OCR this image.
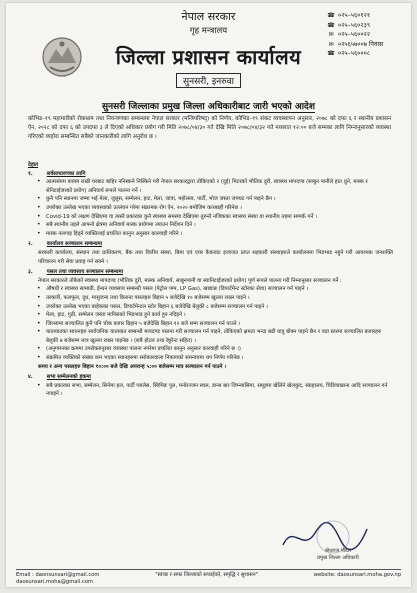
नेपाल सरकार
गृह मन्त्रालय
जिल्ला प्रशासन कार्यालय
सुनसरी, इनरुवा
☎ ०२५–५६०१२१
☎ ०२५–५६०२३९
✉ ०२५–५६००२२
✉ ०२५६५७००७ निवास
☎ ०२५–५६०००८
सुनसरी जिल्लाका प्रमुख जिल्ला अधिकारीबाट जारी भएको आदेश
कोभिड–१९ महामारीको रोकथाम तथा नियन्त्रणका सम्बन्धमा नेपाल सरकार (मन्त्रिपरिषद्) को निर्णय, कोभिड–१९ संकट व्यवस्थापन अनुसार, २०७८ को दफा ६ र स्थानीय प्रशासन ऐन, २०२८ को दफा ६ को उपदफा ३ ले दिएको अधिकार प्रयोग गरी मिति २०७८/०४/३० गते देखि मिति २०७८/०४/३२ गते मध्यरात १२:०० बजे सम्मका लागि निम्नानुसारको व्यवस्था गरिएको व्यहोरा सम्बन्धित सबैको जानकारीको लागि अनुरोध छ ।
देहात
१.	सर्वसाधारणका लागि
• आत्मसंयम कायम राखी घरबाट बाहिर ननिस्कने निस्किने गरी नेपाल सरकारद्वारा तोकिएको २ (दुई) मिटरको भौतिक दुरी, स्वास्थ्य मापदण्ड (साबुन पानीले हात धुने, मास्क र सेनिटाईजरको प्रयोग) अनिवार्य रूपले पालना गर्ने ।
• कुनै पनि स्थानमा जम्मा भई मेला, जुलुस, सम्मेलन, हाट, मेला, जात्रा, महोत्सव, पार्टी, भोज जस्ता जमघट गर्न पाइने छैन ।
• उपरोक्त उल्लेख भएका व्यवस्थाको उल्लंघन गरेमा संक्रामक रोग ऐन, २०२० बमोजिम कारबाही गरिनेछ ।
• Covid-19 को लक्षण देखिएमा वा त्यस्तै प्रकारका कुनै स्वास्थ्य समस्या देखिएमा तुरुन्तै नजिकका स्वास्थ्य संस्था वा स्थानीय तहमा सम्पर्क गर्ने ।
• सबै स्थानीय तहले आफ्नो क्षेत्रमा अनिवार्य मास्क प्रयोगमा ल्याउन निर्देशन दिने ।
• मास्क नलगाइ हिड्ने व्यक्तिलाई प्रचलित कानुन अनुसार कारवाही गरिने ।
२.	कार्यालय सञ्चालन सम्बन्धमा
सरकारी कार्यालय, संस्थान तथा प्राधिकरण, बैंक तथा वित्तीय संस्था, बिमा एवं एयर कैकवाट इजाजत प्राप्त सहकारी संस्थाहरुले कार्यालयमा भिडभाड नहुने गरी आवश्यक जनशक्ति परिचालन गरी सेवा प्रवाह गर्न सक्ने ।
३.	पसल तथा व्यवसाय सञ्चालन सम्बन्धमा
नेपाल सरकारले तोकेको स्वास्थ्य मापदण्ड (भौतिक दुरी, मास्क अनिवार्य, साबुनपानी वा स्यानिटाईजरको प्रयोग) पूर्ण रूपले पालना गरी निम्नानुसार सञ्चालन गर्ने :
• औषधी र स्वास्थ्य सामाग्री, ईन्धन व्यवसाय सम्बन्धी पसल (पेट्रोल पम्प, LP Gas), खाद्यान्न (डिपार्टमेन्ट स्टोरका सेवा) सञ्चालन गर्न पाइने ।
• तरकारी, फलफूल, दुध, मासुजन्य तथा किराना पसलहरु बिहान ५ बजेदेखि १० बजेसम्म खुल्ला राख्न पाइने ।
• उपरोक्त उल्लेख भएका बाहेकका पसल, डिपार्टमेन्टल स्टोर बिहान ६ बजेदेखि बेलुकी ८ बजेसम्म सञ्चालन गर्न पाइने ।
• मेला, हाट, गुठी, सम्मेलन जस्ता मानिसको भिडभाड हुने कार्य हुन नदिइने ।
• जिल्लामा सञ्चालित कुनै पनि चोक बजार बिहान ५ बजेदेखि बिहान १२ बजे सम्म सञ्चालन गर्न पाउने ।
• यातायातका साधनहरु सार्वजनिक यातायात सम्बन्धी मापदण्ड पालना गरी सञ्चालन गर्न पाइने, तोकिएको क्षमता भन्दा बढी यात्रु बोक्न पाइने छैन र वडा स्तरमा सञ्चालित बजारहरु बेलुकी ७ बजेसम्म मात्र खुल्ला राख्न पाइनेछ । (सबै होटल तथा रेष्टुरेन्ट सहित) ।
• (अनुगमनका क्रममा उपरोक्तानुसार व्यवस्था पालना नगरेमा प्रचलित कानुन अनुसार कारवाही गरिने छ ।)
• संक्रमित व्यक्तिको संख्या कम भएका स्थानहरुमा सरोकारवाला निकायको समन्वयमा थप निर्णय गरिनेछ ।
समय र अन्य पसलहरु बिहान १०:०० बजे देखि अपरान्ह ५:०० बजेसम्म मात्र सञ्चालन गर्न पाउने ।
४.	सभा सम्मेलनको हकमा
• सबै प्रकारका सभा, सम्मेलन, सिनेमा हल, पार्टी प्यालेस, स्विमिङ पुल, मनोरञ्जन स्थल, डान्स बार जिम्न्यासिमा, समूहमा खेलिने खेलकुद, संग्रहालय, चिडियाखाना आदि सञ्चालन गर्न नपाइने ।
बोधराज पौडेल
प्रमुख जिल्ला अधिकारी
Email : daonsunsari@gmail.com
daosunsari.moha@gmail.com
"स्वच्छ र सफा जिल्लाको सफाईको, समृद्धि र सुशासन"	website: daosunsari.moha.gov.np
